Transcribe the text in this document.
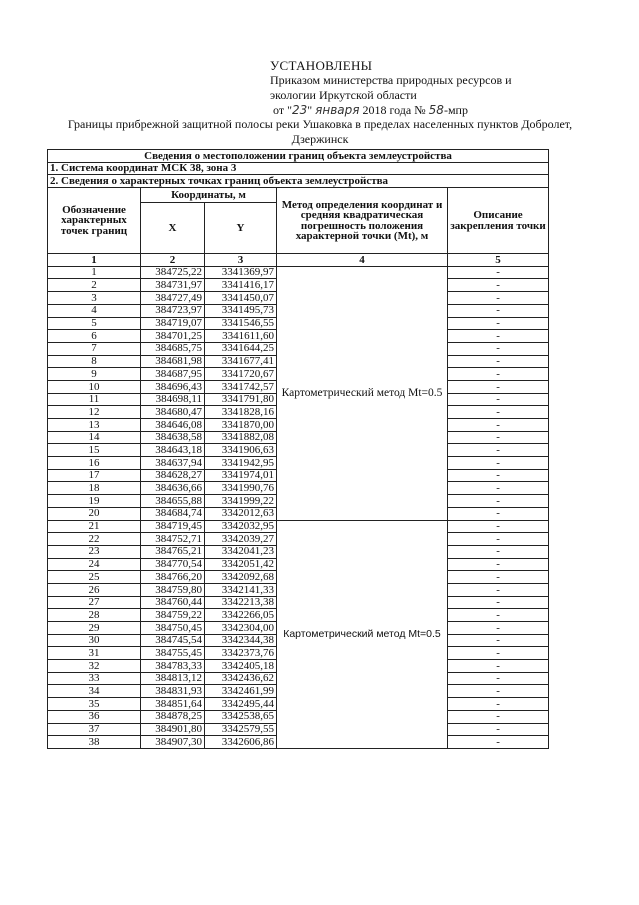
УСТАНОВЛЕНЫ
Приказом министерства природных ресурсов и
экологии Иркутской области
от "23" января 2018 года № 58-мпр
Границы прибрежной защитной полосы реки Ушаковка в пределах населенных пунктов Добролет,
Дзержинск
Сведения о местоположении границ объекта землеустройства				
1. Система координат МСК 38, зона 3				
2. Сведения о характерных точках границ объекта землеустройства				
Обозначение характерных точек границ	Координаты, м		Метод определения координат и средняя квадратическая погрешность положения характерной точки (Mt), м	Описание закрепления точки
	X	Y		
1	2	3	4	5
1	384725,22	3341369,97	Картометрический метод Mt=0.5	-
2	384731,97	3341416,17		-
3	384727,49	3341450,07		-
4	384723,97	3341495,73		-
5	384719,07	3341546,55		-
6	384701,25	3341611,60		-
7	384685,75	3341644,25		-
8	384681,98	3341677,41		-
9	384687,95	3341720,67		-
10	384696,43	3341742,57		-
11	384698,11	3341791,80		-
12	384680,47	3341828,16		-
13	384646,08	3341870,00		-
14	384638,58	3341882,08		-
15	384643,18	3341906,63		-
16	384637,94	3341942,95		-
17	384628,27	3341974,01		-
18	384636,66	3341990,76		-
19	384655,88	3341999,22		-
20	384684,74	3342012,63		-
21	384719,45	3342032,95	Картометрический метод Mt=0.5	-
22	384752,71	3342039,27		-
23	384765,21	3342041,23		-
24	384770,54	3342051,42		-
25	384766,20	3342092,68		-
26	384759,80	3342141,33		-
27	384760,44	3342213,38		-
28	384759,22	3342266,05		-
29	384750,45	3342304,00		-
30	384745,54	3342344,38		-
31	384755,45	3342373,76		-
32	384783,33	3342405,18		-
33	384813,12	3342436,62		-
34	384831,93	3342461,99		-
35	384851,64	3342495,44		-
36	384878,25	3342538,65		-
37	384901,80	3342579,55		-
38	384907,30	3342606,86		-
